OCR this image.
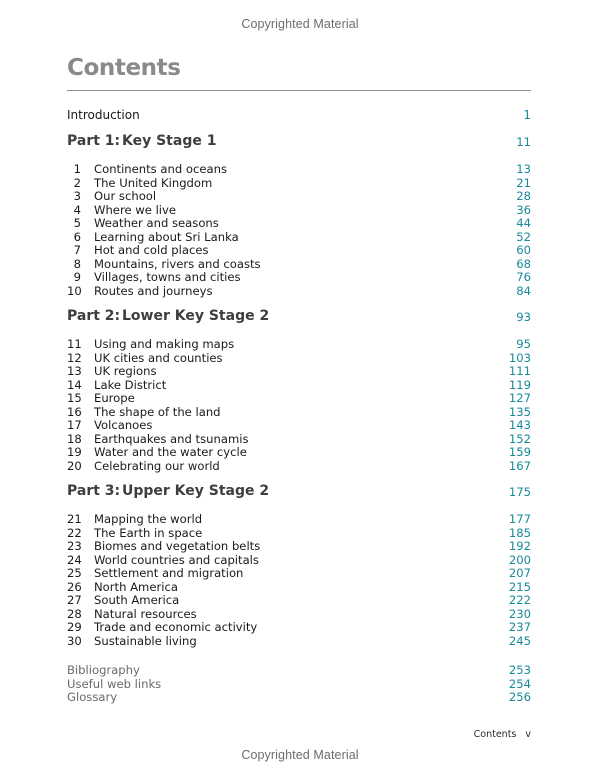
Copyrighted Material
Contents
Introduction	1
Part 1: Key Stage 1	11
1 Continents and oceans	13
2 The United Kingdom	21
3 Our school	28
4 Where we live	36
5 Weather and seasons	44
6 Learning about Sri Lanka	52
7 Hot and cold places	60
8 Mountains, rivers and coasts	68
9 Villages, towns and cities	76
10 Routes and journeys	84
Part 2: Lower Key Stage 2	93
11 Using and making maps	95
12 UK cities and counties	103
13 UK regions	111
14 Lake District	119
15 Europe	127
16 The shape of the land	135
17 Volcanoes	143
18 Earthquakes and tsunamis	152
19 Water and the water cycle	159
20 Celebrating our world	167
Part 3: Upper Key Stage 2	175
21 Mapping the world	177
22 The Earth in space	185
23 Biomes and vegetation belts	192
24 World countries and capitals	200
25 Settlement and migration	207
26 North America	215
27 South America	222
28 Natural resources	230
29 Trade and economic activity	237
30 Sustainable living	245
Bibliography	253
Useful web links	254
Glossary	256
Contents v
Copyrighted Material
